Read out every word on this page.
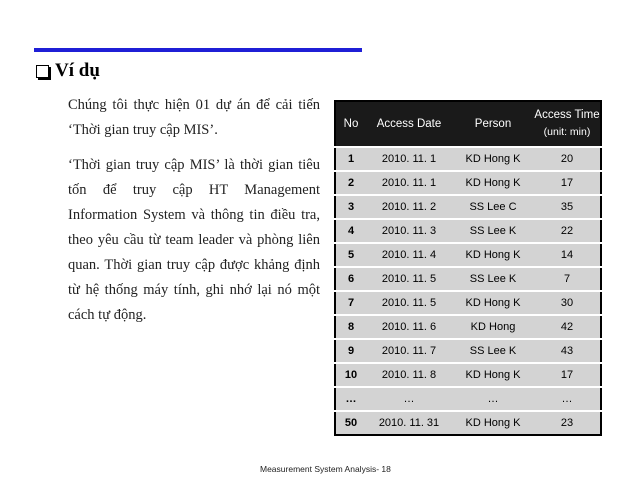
Ví dụ
Chúng tôi thực hiện 01 dự án để cải tiến ‘Thời gian truy cập MIS’.
‘Thời gian truy cập MIS’ là thời gian tiêu tốn để truy cập HT Management Information System và thông tin điều tra, theo yêu cầu từ team leader và phòng liên quan. Thời gian truy cập được khảng định từ hệ thống máy tính, ghi nhớ lại nó một cách tự động.
No	Access Date	Person	Access Time
(unit: min)

1	2010. 11. 1	KD Hong K	20
2	2010. 11. 1	KD Hong K	17
3	2010. 11. 2	SS Lee C	35
4	2010. 11. 3	SS Lee K	22
5	2010. 11. 4	KD Hong K	14
6	2010. 11. 5	SS Lee K	7
7	2010. 11. 5	KD Hong K	30
8	2010. 11. 6	KD Hong	42
9	2010. 11. 7	SS Lee K	43
10	2010. 11. 8	KD Hong K	17
…	…	…	…
50	2010. 11. 31	KD Hong K	23
Measurement System Analysis- 18
